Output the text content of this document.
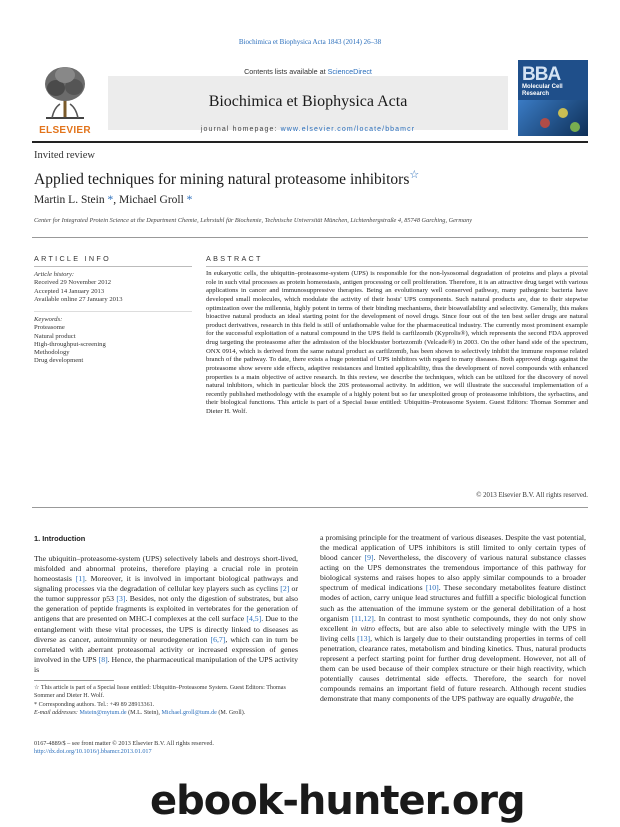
Biochimica et Biophysica Acta 1843 (2014) 26–38
ELSEVIER
Contents lists available at ScienceDirect
Biochimica et Biophysica Acta
journal homepage: www.elsevier.com/locate/bbamcr
BBA
Molecular Cell
Research
Invited review
Applied techniques for mining natural proteasome inhibitors☆
Martin L. Stein *, Michael Groll *
Center for Integrated Protein Science at the Department Chemie, Lehrstuhl für Biochemie, Technische Universität München, Lichtenbergstraße 4, 85748 Garching, Germany
ARTICLE INFO	ABSTRACT
Article history:
Received 29 November 2012
Accepted 14 January 2013
Available online 27 January 2013
Keywords:
Proteasome
Natural product
High-throughput-screening
Methodology
Drug development
In eukaryotic cells, the ubiquitin–proteasome-system (UPS) is responsible for the non-lysosomal degradation of proteins and plays a pivotal role in such vital processes as protein homeostasis, antigen processing or cell proliferation. Therefore, it is an attractive drug target with various applications in cancer and immunosuppressive therapies. Being an evolutionary well conserved pathway, many pathogenic bacteria have developed small molecules, which modulate the activity of their hosts' UPS components. Such natural products are, due to their stepwise optimization over the millennia, highly potent in terms of their binding mechanisms, their bioavailability and selectivity. Generally, this makes bioactive natural products an ideal starting point for the development of novel drugs. Since four out of the ten best seller drugs are natural product derivatives, research in this field is still of unfathomable value for the pharmaceutical industry. The currently most prominent example for the successful exploitation of a natural compound in the UPS field is carfilzomib (Kyprolis®), which represents the second FDA approved drug targeting the proteasome after the admission of the blockbuster bortezomib (Velcade®) in 2003. On the other hand side of the spectrum, ONX 0914, which is derived from the same natural product as carfilzomib, has been shown to selectively inhibit the immune response related branch of the pathway. To date, there exists a huge potential of UPS inhibitors with regard to many diseases. Both approved drugs against the proteasome show severe side effects, adaptive resistances and limited applicability, thus the development of novel compounds with enhanced properties is a main objective of active research. In this review, we describe the techniques, which can be utilized for the discovery of novel natural inhibitors, which in particular block the 20S proteasomal activity. In addition, we will illustrate the successful implementation of a recently published methodology with the example of a highly potent but so far unexploited group of proteasome inhibitors, the syrbactins, and their biological functions. This article is part of a Special Issue entitled: Ubiquitin–Proteasome System. Guest Editors: Thomas Sommer and Dieter H. Wolf.
© 2013 Elsevier B.V. All rights reserved.
1. Introduction
The ubiquitin–proteasome-system (UPS) selectively labels and destroys short-lived, misfolded and abnormal proteins, therefore playing a crucial role in protein homeostasis [1]. Moreover, it is involved in important biological pathways and signaling processes via the degradation of cellular key players such as cyclins [2] or the tumor suppressor p53 [3]. Besides, not only the digestion of substrates, but also the generation of peptide fragments is exploited in vertebrates for the generation of antigens that are presented on MHC-I complexes at the cell surface [4,5]. Due to the entanglement with these vital processes, the UPS is directly linked to diseases as diverse as cancer, autoimmunity or neurodegeneration [6,7], which can in turn be correlated with aberrant proteasomal activity or increased expression of genes involved in the UPS [8]. Hence, the pharmaceutical manipulation of the UPS activity is
a promising principle for the treatment of various diseases. Despite the vast potential, the medical application of UPS inhibitors is still limited to only certain types of blood cancer [9]. Nevertheless, the discovery of various natural substance classes acting on the UPS demonstrates the tremendous importance of this pathway for biological systems and raises hopes to also apply similar compounds to a broader spectrum of medical indications [10]. These secondary metabolites feature distinct modes of action, carry unique lead structures and fulfill a specific biological function such as the attenuation of the immune system or the general debilitation of a host organism [11,12]. In contrast to most synthetic compounds, they do not only show excellent in vitro effects, but are also able to selectively mingle with the UPS in living cells [13], which is largely due to their outstanding properties in terms of cell penetration, clearance rates, metabolism and binding kinetics. Thus, natural products represent a perfect starting point for further drug development. However, not all of them can be used because of their complex structure or their high reactivity, which potentially causes detrimental side effects. Therefore, the search for novel compounds remains an important field of future research. Although recent studies demonstrate that many components of the UPS pathway are equally drugable, the
☆ This article is part of a Special Issue entitled: Ubiquitin–Proteasome System. Guest Editors: Thomas Sommer and Dieter H. Wolf.
* Corresponding authors. Tel.: +49 89 28913361.
E-mail addresses: Mstein@mytum.de (M.L. Stein), Michael.groll@tum.de (M. Groll).
0167-4889/$ – see front matter © 2013 Elsevier B.V. All rights reserved.
http://dx.doi.org/10.1016/j.bbamcr.2013.01.017
ebook-hunter.org
